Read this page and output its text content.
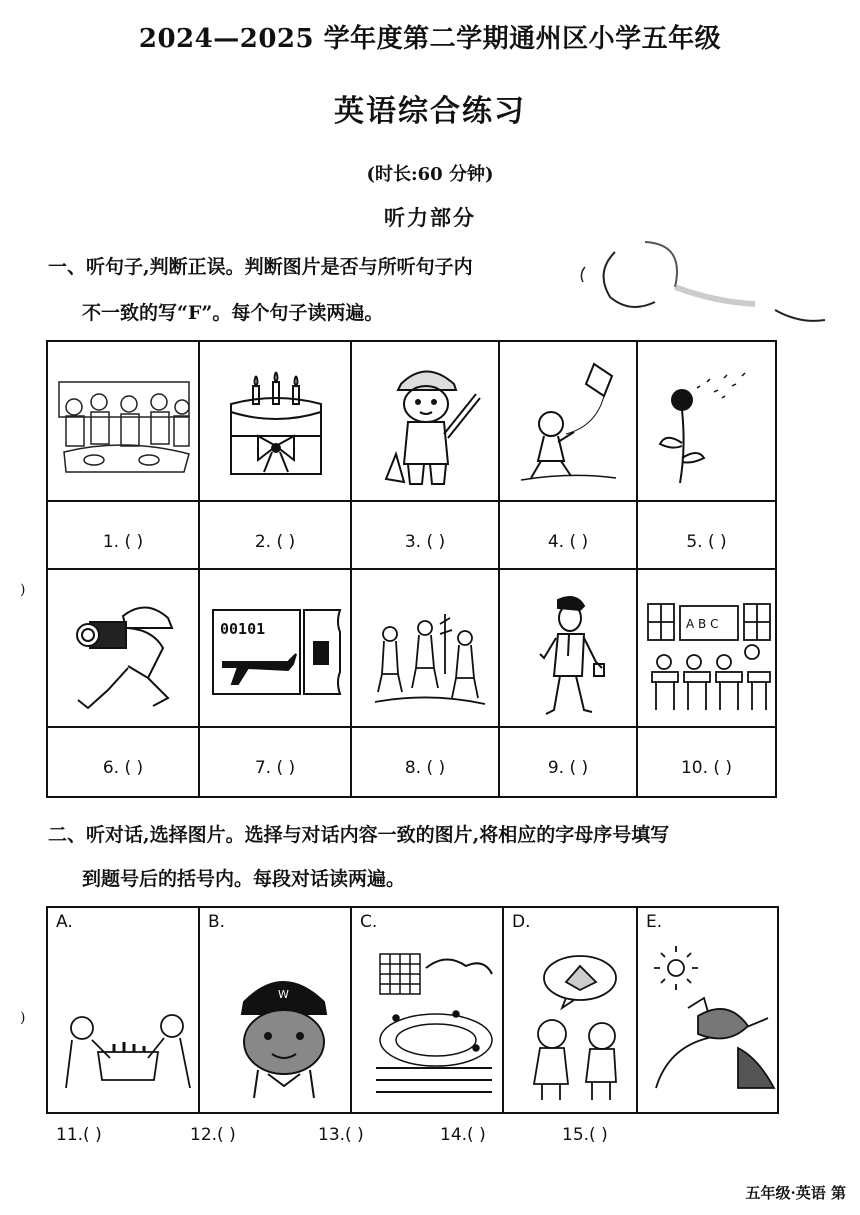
2024—2025 学年度第二学期通州区小学五年级
英语综合练习
(时长:60 分钟)
听力部分
一、听句子,判断正误。判断图片是否与所听句子内
不一致的写“F”。每个句子读两遍。
)
)
1. ( )	2. ( )	3. ( )	4. ( )	5. ( )
00101	A B C
6. ( )	7. ( )	8. ( )	9. ( )	10. ( )
二、听对话,选择图片。选择与对话内容一致的图片,将相应的字母序号填写
到题号后的括号内。每段对话读两遍。
A.	B.	C.	D.	E.
W
11.( )	12.( )	13.( )	14.( )	15.( )
五年级·英语 第
